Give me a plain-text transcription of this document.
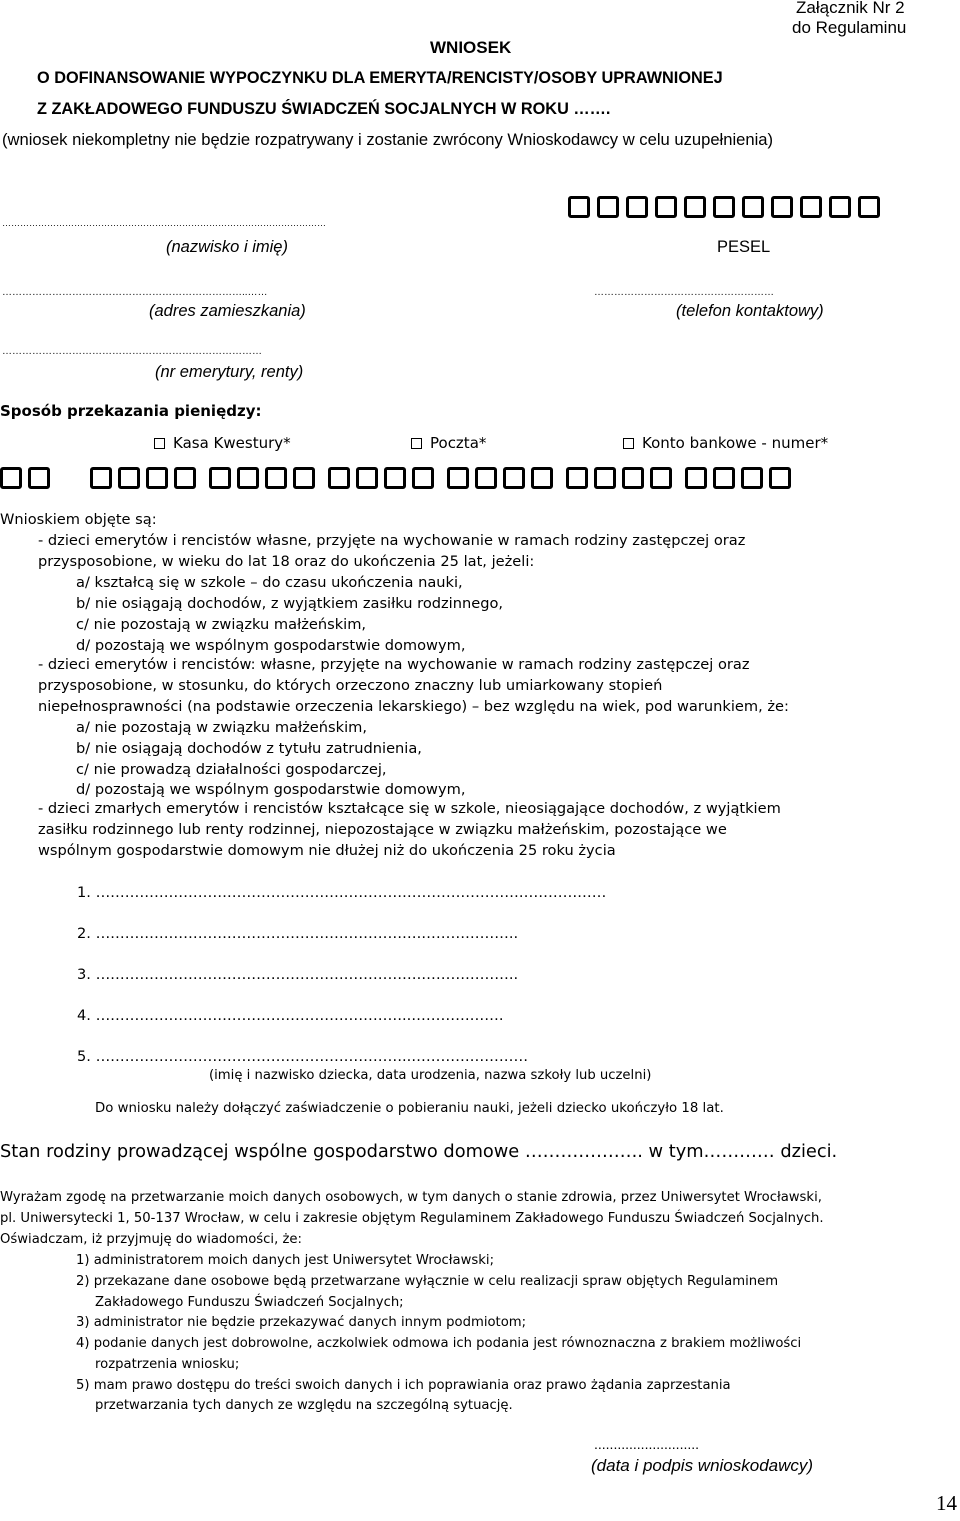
Załącznik Nr 2
do Regulaminu
WNIOSEK
O DOFINANSOWANIE WYPOCZYNKU DLA EMERYTA/RENCISTY/OSOBY UPRAWNIONEJ
Z ZAKŁADOWEGO FUNDUSZU ŚWIADCZEŃ SOCJALNYCH W ROKU …….
(wniosek niekompletny nie będzie rozpatrywany i zostanie zwrócony Wnioskodawcy w celu uzupełnienia)
………………………………………………………………………………………………
(nazwisko i imię)	PESEL
………………………………………………………………..……
(adres zamieszkania)
………………………………………………
(telefon kontaktowy)
……………………………………………………………………
(nr emerytury, renty)
Sposób przekazania pieniędzy:
Kasa Kwestury*	Poczta*	Konto bankowe - numer*
Wnioskiem objęte są:
- dzieci emerytów i rencistów własne, przyjęte na wychowanie w ramach rodziny zastępczej oraz
przysposobione, w wieku do lat 18 oraz do ukończenia 25 lat, jeżeli:
a/ kształcą się w szkole – do czasu ukończenia nauki,
b/ nie osiągają dochodów, z wyjątkiem zasiłku rodzinnego,
c/ nie pozostają w związku małżeńskim,
d/ pozostają we wspólnym gospodarstwie domowym,
- dzieci emerytów i rencistów: własne, przyjęte na wychowanie w ramach rodziny zastępczej oraz
przysposobione, w stosunku, do których orzeczono znaczny lub umiarkowany stopień
niepełnosprawności (na podstawie orzeczenia lekarskiego) – bez względu na wiek, pod warunkiem, że:
a/ nie pozostają w związku małżeńskim,
b/ nie osiągają dochodów z tytułu zatrudnienia,
c/ nie prowadzą działalności gospodarczej,
d/ pozostają we wspólnym gospodarstwie domowym,
- dzieci zmarłych emerytów i rencistów kształcące się w szkole, nieosiągające dochodów, z wyjątkiem
zasiłku rodzinnego lub renty rodzinnej, niepozostające w związku małżeńskim, pozostające we
wspólnym gospodarstwie domowym nie dłużej niż do ukończenia 25 roku życia
1. ……………………………………………………………………………………………
2. ………………………………………………………….………………..
3. ………………………………………………………….………………..
4. ………………………………………………………..……………….
5. ………………………………………………………..……………………
(imię i nazwisko dziecka, data urodzenia, nazwa szkoły lub uczelni)
Do wniosku należy dołączyć zaświadczenie o pobieraniu nauki, jeżeli dziecko ukończyło 18 lat.
Stan rodziny prowadzącej wspólne gospodarstwo domowe ……………….. w tym………… dzieci.
Wyrażam zgodę na przetwarzanie moich danych osobowych, w tym danych o stanie zdrowia, przez Uniwersytet Wrocławski,
pl. Uniwersytecki 1, 50-137 Wrocław, w celu i zakresie objętym Regulaminem Zakładowego Funduszu Świadczeń Socjalnych.
Oświadczam, iż przyjmuję do wiadomości, że:
1) administratorem moich danych jest Uniwersytet Wrocławski;
2) przekazane dane osobowe będą przetwarzane wyłącznie w celu realizacji spraw objętych Regulaminem
Zakładowego Funduszu Świadczeń Socjalnych;
3) administrator nie będzie przekazywać danych innym podmiotom;
4) podanie danych jest dobrowolne, aczkolwiek odmowa ich podania jest równoznaczna z brakiem możliwości
rozpatrzenia wniosku;
5) mam prawo dostępu do treści swoich danych i ich poprawiania oraz prawo żądania zaprzestania
przetwarzania tych danych ze względu na szczególną sytuację.
...........................
(data i podpis wnioskodawcy)
14
